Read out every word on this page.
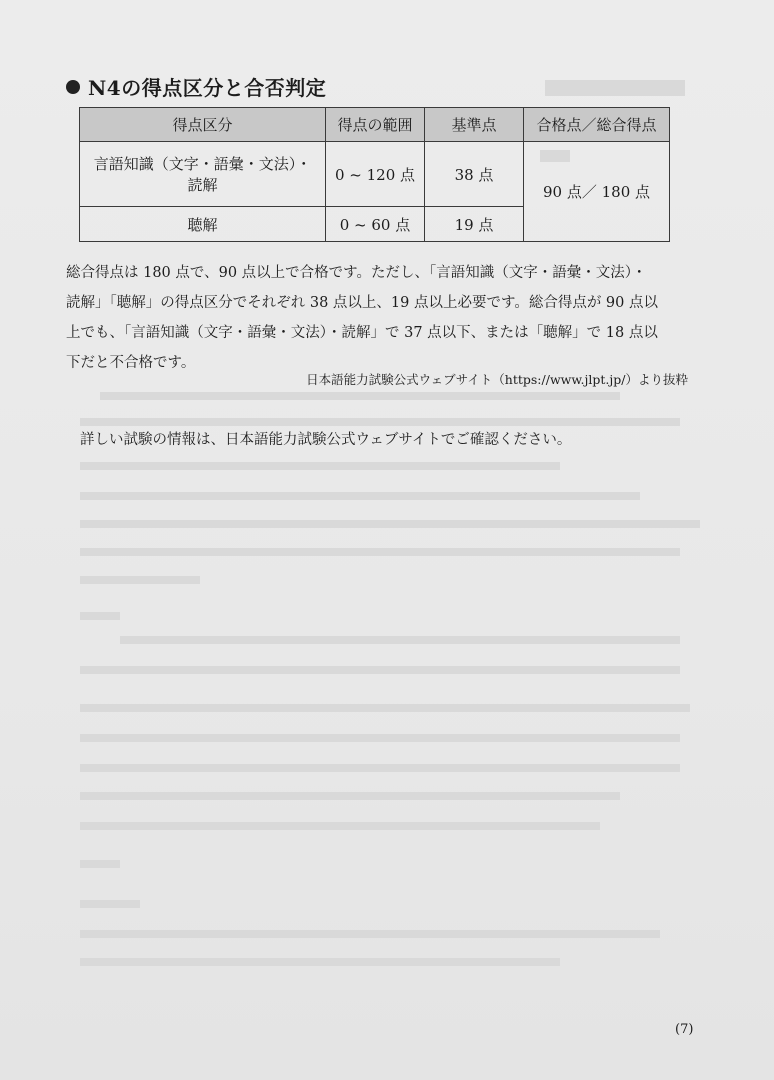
N4の得点区分と合否判定
得点区分	得点の範囲	基準点	合格点／総合得点
言語知識（文字・語彙・文法）・読解	0 ~ 120 点	38 点	90 点／ 180 点
聴解	0 ~ 60 点	19 点	
総合得点は 180 点で、90 点以上で合格です。ただし、「言語知識（文字・語彙・文法）・
読解」「聴解」の得点区分でそれぞれ 38 点以上、19 点以上必要です。総合得点が 90 点以
上でも、「言語知識（文字・語彙・文法）・読解」で 37 点以下、または「聴解」で 18 点以
下だと不合格です。
日本語能力試験公式ウェブサイト（https://www.jlpt.jp/）より抜粋
詳しい試験の情報は、日本語能力試験公式ウェブサイトでご確認ください。
(7)
